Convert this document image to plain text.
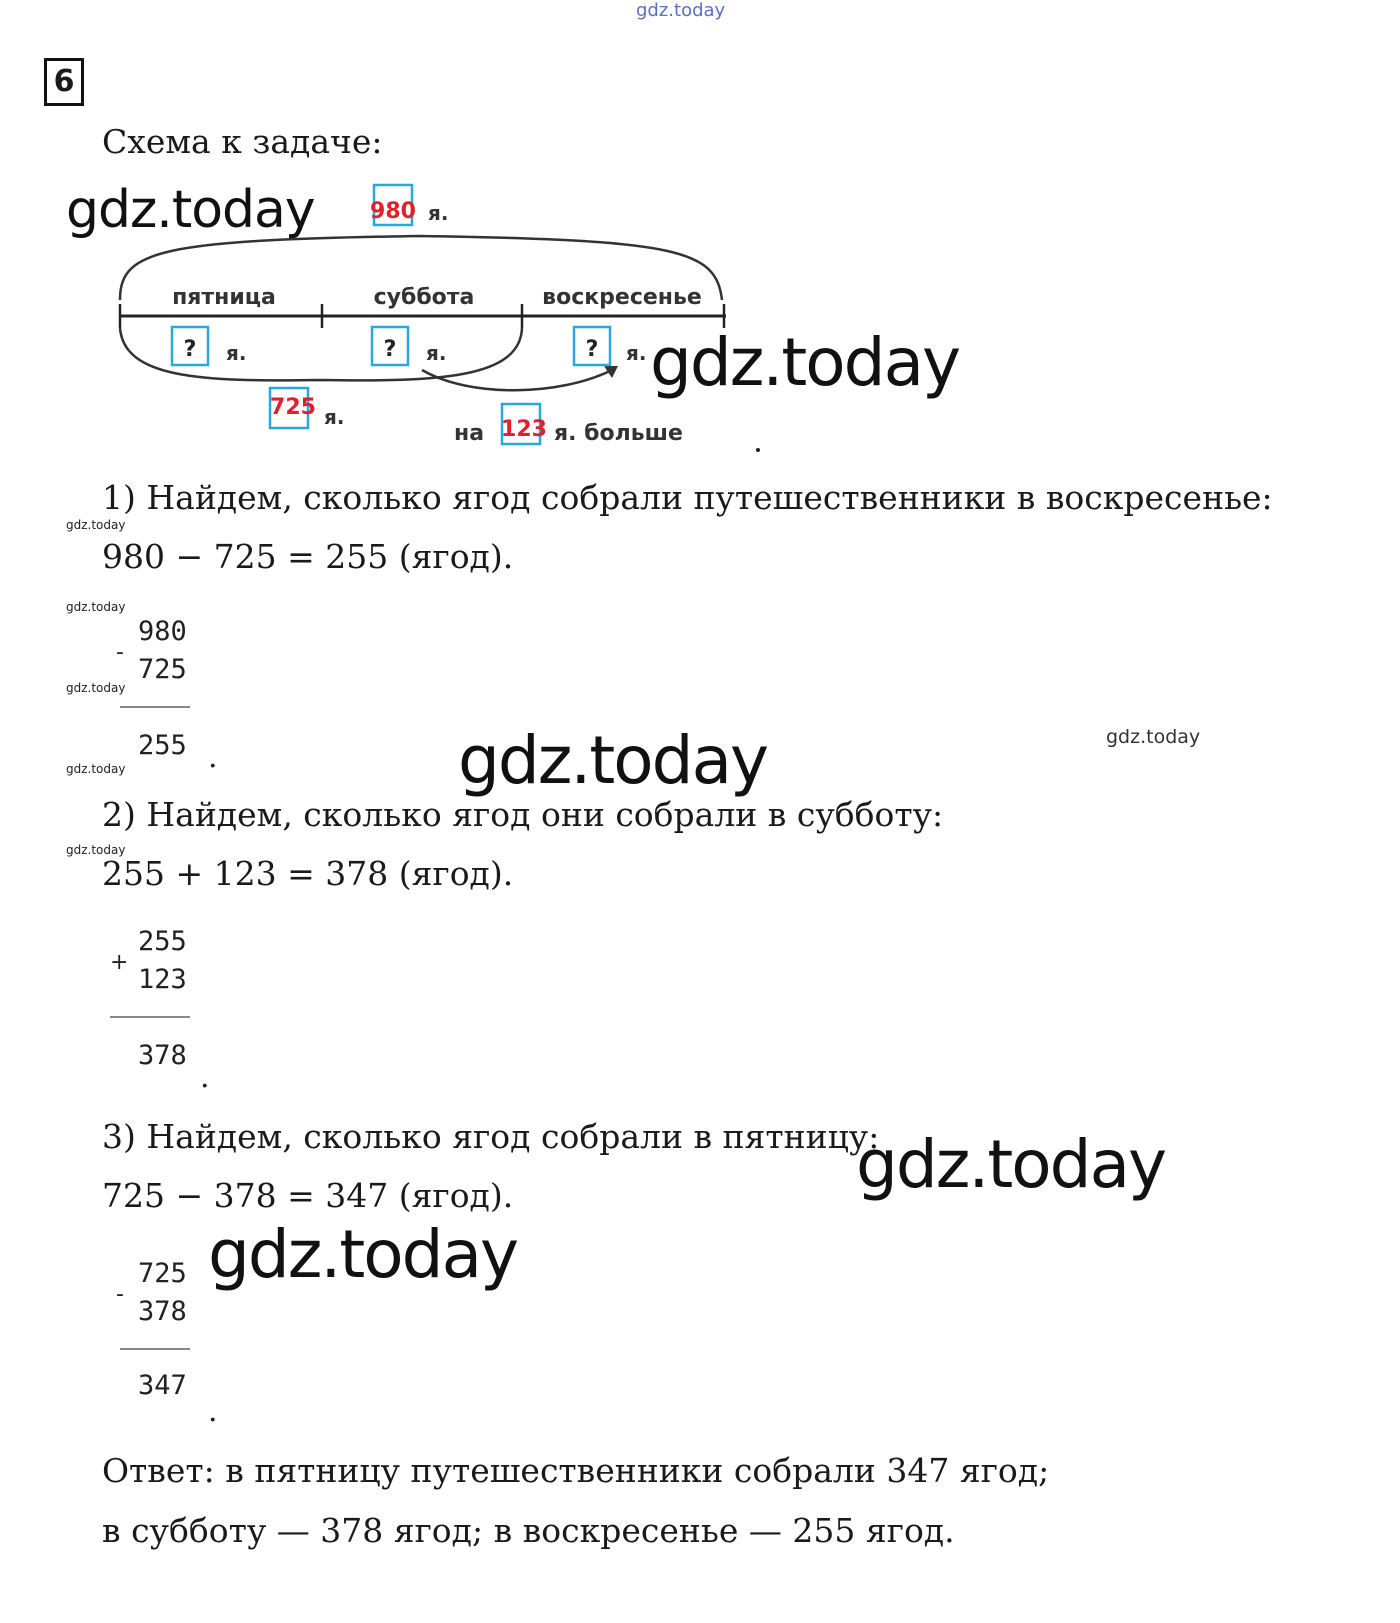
gdz.today
6
Схема к задаче:
gdz.today
gdz.today
gdz.today
gdz.today
gdz.today
gdz.today
gdz.today
gdz.today
gdz.today
gdz.today
gdz.today
пятница	суббота	воскресенье
980 я.
? я.	? я.	? я.
725 я.
на 123 я. больше
1) Найдем, сколько ягод собрали путешественники в воскресенье:
980 − 725 = 255 (ягод).
-
980
725
255 .
2) Найдем, сколько ягод они собрали в субботу:
255 + 123 = 378 (ягод).
+
255
123
378
.
3) Найдем, сколько ягод собрали в пятницу:
725 − 378 = 347 (ягод).
-
725
378
347
.
Ответ: в пятницу путешественники собрали 347 ягод;
в субботу — 378 ягод; в воскресенье — 255 ягод.
